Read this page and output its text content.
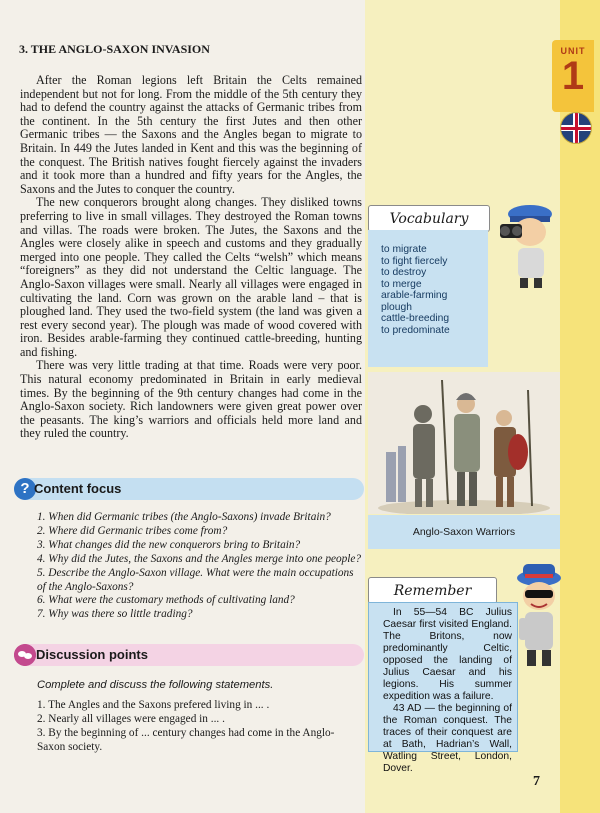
UNIT
1
3. THE ANGLO-SAXON INVASION

After the Roman legions left Britain the Celts remained independent but not for long. From the middle of the 5th century they had to defend the country against the attacks of Germanic tribes from the continent. In the 5th century the first Jutes and then other Germanic tribes — the Saxons and the Angles began to migrate to Britain. In 449 the Jutes landed in Kent and this was the beginning of the conquest. The British natives fought fiercely against the invaders and it took more than a hundred and fifty years for the Angles, the Saxons and the Jutes to conquer the country.

The new conquerors brought along changes. They disliked towns preferring to live in small villages. They destroyed the Roman towns and villas. The roads were broken. The Jutes, the Saxons and the Angles were closely alike in speech and customs and they gradually merged into one people. They called the Celts “welsh” which means “foreigners” as they did not understand the Celtic language. The Anglo-Saxon villages were small. Nearly all villages were engaged in cultivating the land. Corn was grown on the arable land – that is ploughed land. They used the two-field system (the land was given a rest every second year). The plough was made of wood covered with iron. Besides arable-farming they continued cattle-breeding, hunting and fishing.

There was very little trading at that time. Roads were very poor. This natural economy predominated in Britain in early medieval times. By the beginning of the 9th century changes had come in the Anglo-Saxon society. Rich landowners were given great power over the peasants. The king’s warriors and officials held more land and they ruled the country.

Vocabulary
to migrate
to fight fiercely
to destroy
to merge
arable-farming
plough
cattle-breeding
to predominate
Anglo-Saxon Warriors
? Content focus
1. When did Germanic tribes (the Anglo-Saxons) invade Britain?
2. Where did Germanic tribes come from?
3. What changes did the new conquerors bring to Britain?
4. Why did the Jutes, the Saxons and the Angles merge into one people?
5. Describe the Anglo-Saxon village. What were the main occupations of the Anglo-Saxons?
6. What were the customary methods of cultivating land?
7. Why was there so little trading?
Discussion points
Complete and discuss the following statements.
1. The Angles and the Saxons prefered living in ... .
2. Nearly all villages were engaged in ... .
3. By the beginning of ... century changes had come in the Anglo-Saxon society.
Remember

In 55—54 BC Julius Caesar first visited England. The Britons, now predominantly Celtic, opposed the landing of Julius Caesar and his legions. His summer expedition was a failure.

43 AD — the beginning of the Roman conquest. The traces of their conquest are at Bath, Hadrian’s Wall, Watling Street, London, Dover.

7
